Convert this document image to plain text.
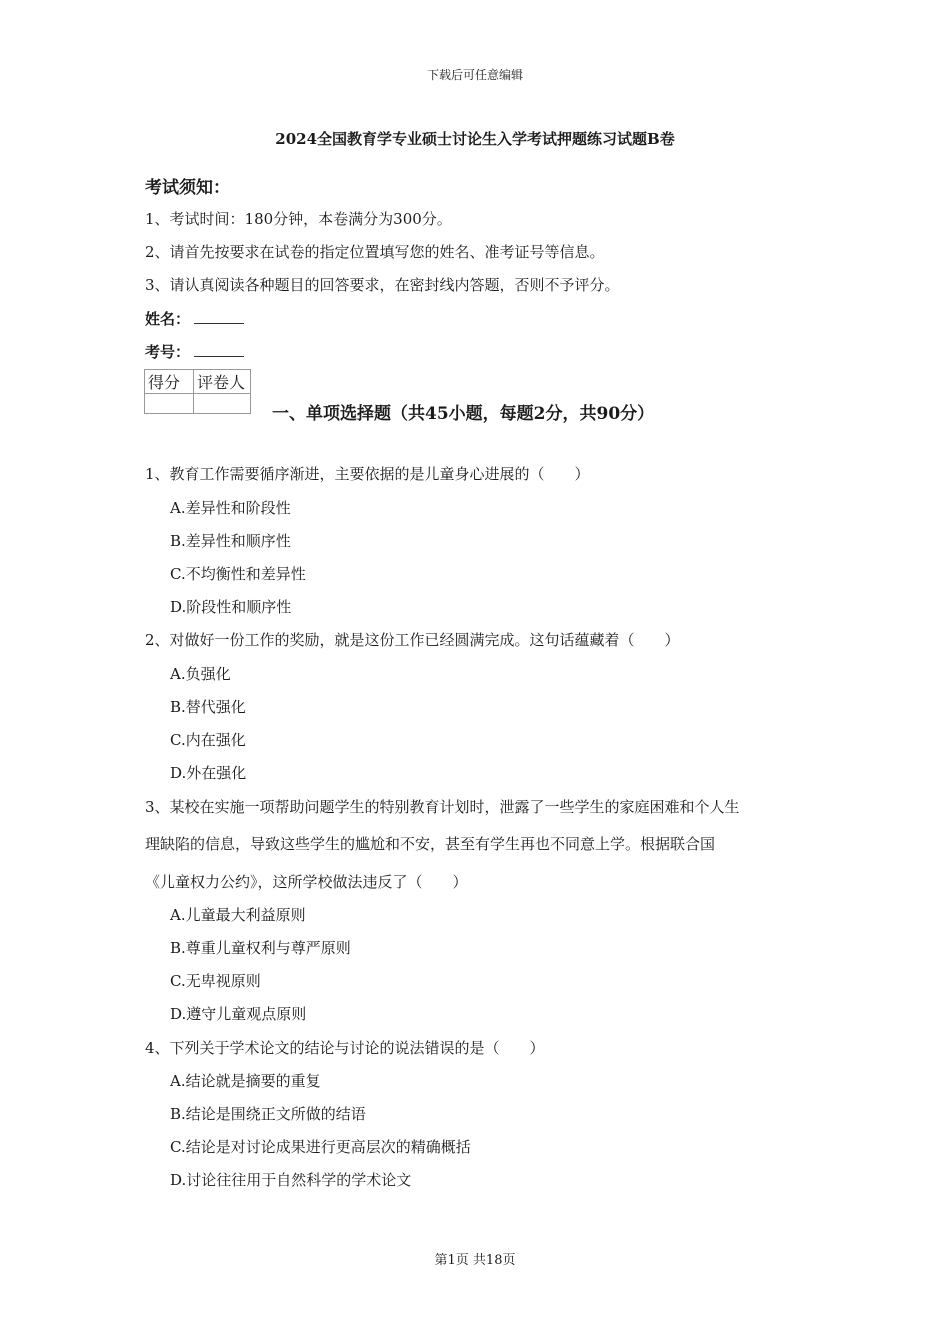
下载后可任意编辑
2024全国教育学专业硕士讨论生入学考试押题练习试题B卷
考试须知：
1、考试时间：180分钟，本卷满分为300分。
2、请首先按要求在试卷的指定位置填写您的姓名、准考证号等信息。
3、请认真阅读各种题目的回答要求，在密封线内答题，否则不予评分。
姓名：
考号：
得分	评卷人

一、单项选择题（共45小题，每题2分，共90分）
1、教育工作需要循序渐进，主要依据的是儿童身心进展的（　　）
A.差异性和阶段性
B.差异性和顺序性
C.不均衡性和差异性
D.阶段性和顺序性
2、对做好一份工作的奖励，就是这份工作已经圆满完成。这句话蕴藏着（　　）
A.负强化
B.替代强化
C.内在强化
D.外在强化
3、某校在实施一项帮助问题学生的特别教育计划时，泄露了一些学生的家庭困难和个人生
理缺陷的信息，导致这些学生的尴尬和不安，甚至有学生再也不同意上学。根据联合国
《儿童权力公约》，这所学校做法违反了（　　）
A.儿童最大利益原则
B.尊重儿童权利与尊严原则
C.无卑视原则
D.遵守儿童观点原则
4、下列关于学术论文的结论与讨论的说法错误的是（　　）
A.结论就是摘要的重复
B.结论是围绕正文所做的结语
C.结论是对讨论成果进行更高层次的精确概括
D.讨论往往用于自然科学的学术论文
第1页 共18页
